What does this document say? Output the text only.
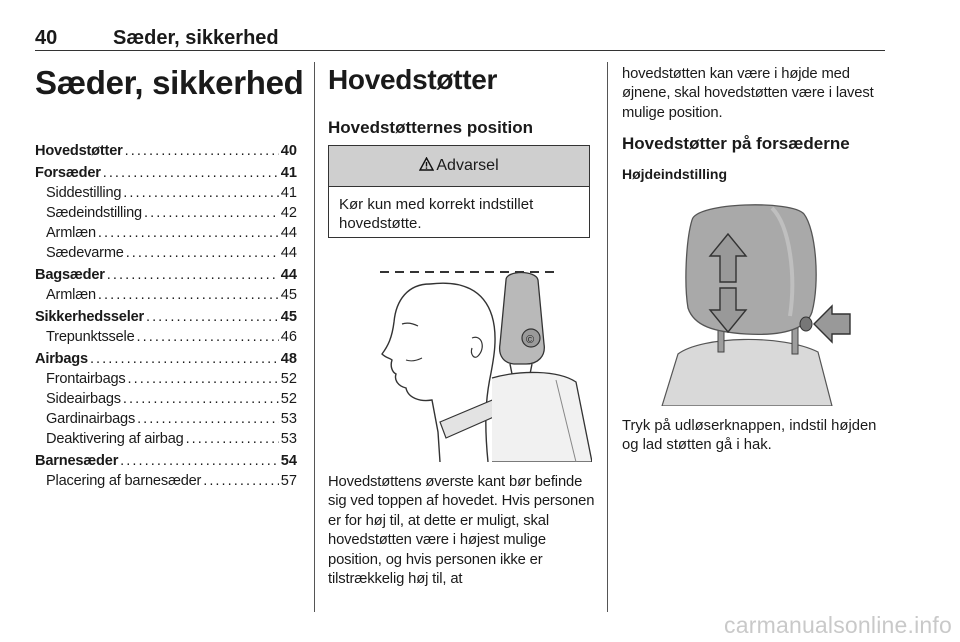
40	Sæder, sikkerhed
Sæder, sikkerhed
Hovedstøtter . . .	40
Forsæder . . .	41
Siddestilling . . .	41
Sædeindstilling . . .	42
Armlæn . . .	44
Sædevarme . . .	44
Bagsæder . . .	44
Armlæn . . .	45
Sikkerhedsseler . . .	45
Trepunktssele . . .	46
Airbags . . .	48
Frontairbags . . .	52
Sideairbags . . .	52
Gardinairbags . . .	53
Deaktivering af airbag . . .	53
Barnesæder . . .	54
Placering af barnesæder . . .	57
Hovedstøtter
Hovedstøtternes position
Advarsel
Kør kun med korrekt indstillet hovedstøtte.
©
Hovedstøttens øverste kant bør befinde sig ved toppen af hovedet. Hvis personen er for høj til, at dette er muligt, skal hovedstøtten være i højest mulige position, og hvis personen ikke er tilstrækkelig høj til, at
hovedstøtten kan være i højde med øjnene, skal hovedstøtten være i lavest mulige position.
Hovedstøtter på forsæderne
Højdeindstilling
Tryk på udløserknappen, indstil højden og lad støtten gå i hak.
carmanualsonline.info
